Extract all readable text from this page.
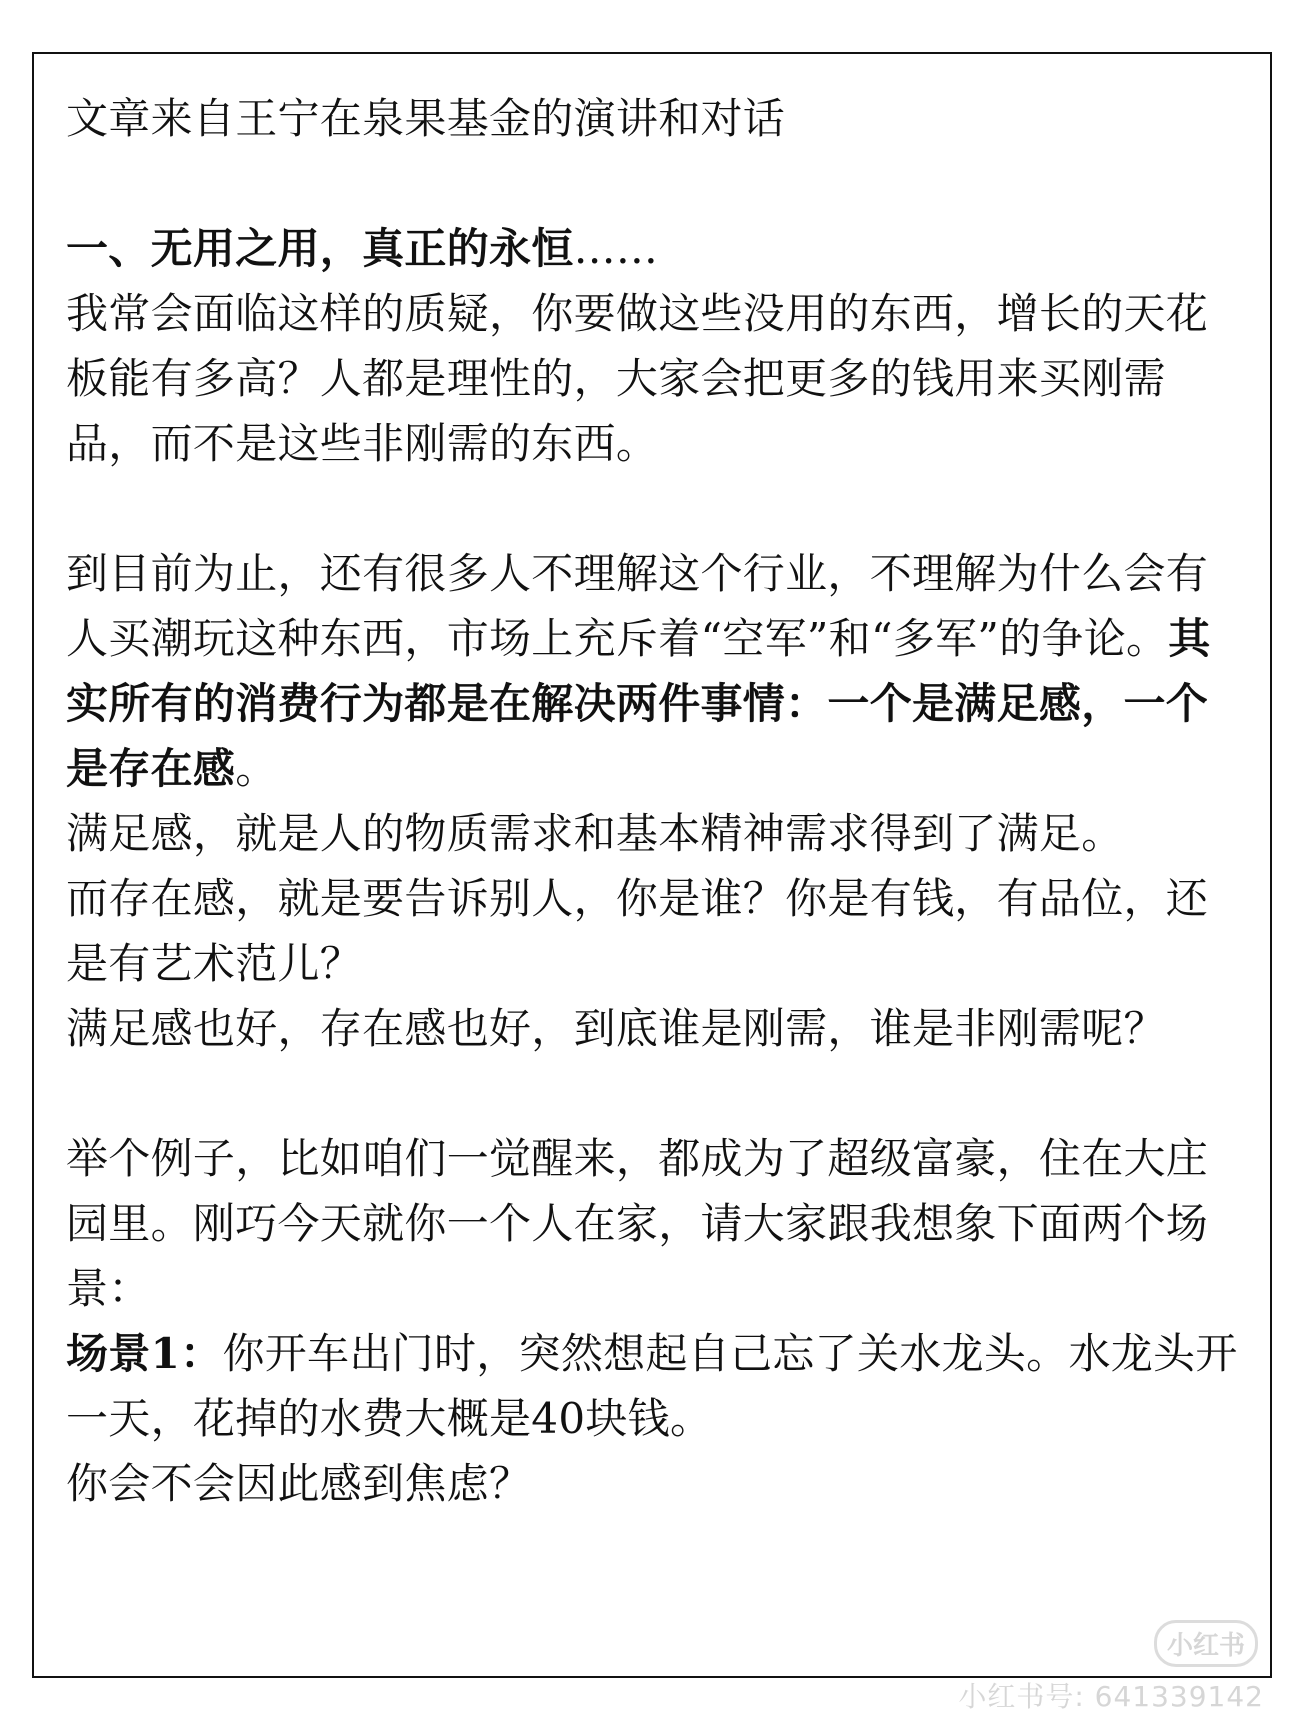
文章来自王宁在泉果基金的演讲和对话

一、无用之用，真正的永恒……

我常会面临这样的质疑，你要做这些没用的东西，增长的天花板能有多高？人都是理性的，大家会把更多的钱用来买刚需品，而不是这些非刚需的东西。

到目前为止，还有很多人不理解这个行业，不理解为什么会有人买潮玩这种东西，市场上充斥着“空军”和“多军”的争论。其实所有的消费行为都是在解决两件事情：一个是满足感，一个是存在感。

满足感，就是人的物质需求和基本精神需求得到了满足。

而存在感，就是要告诉别人，你是谁？你是有钱，有品位，还是有艺术范儿？

满足感也好，存在感也好，到底谁是刚需，谁是非刚需呢？

举个例子，比如咱们一觉醒来，都成为了超级富豪，住在大庄园里。刚巧今天就你一个人在家，请大家跟我想象下面两个场景：

场景1：你开车出门时，突然想起自己忘了关水龙头。水龙头开一天，花掉的水费大概是40块钱。

你会不会因此感到焦虑？

小红书
小红书号: 641339142
